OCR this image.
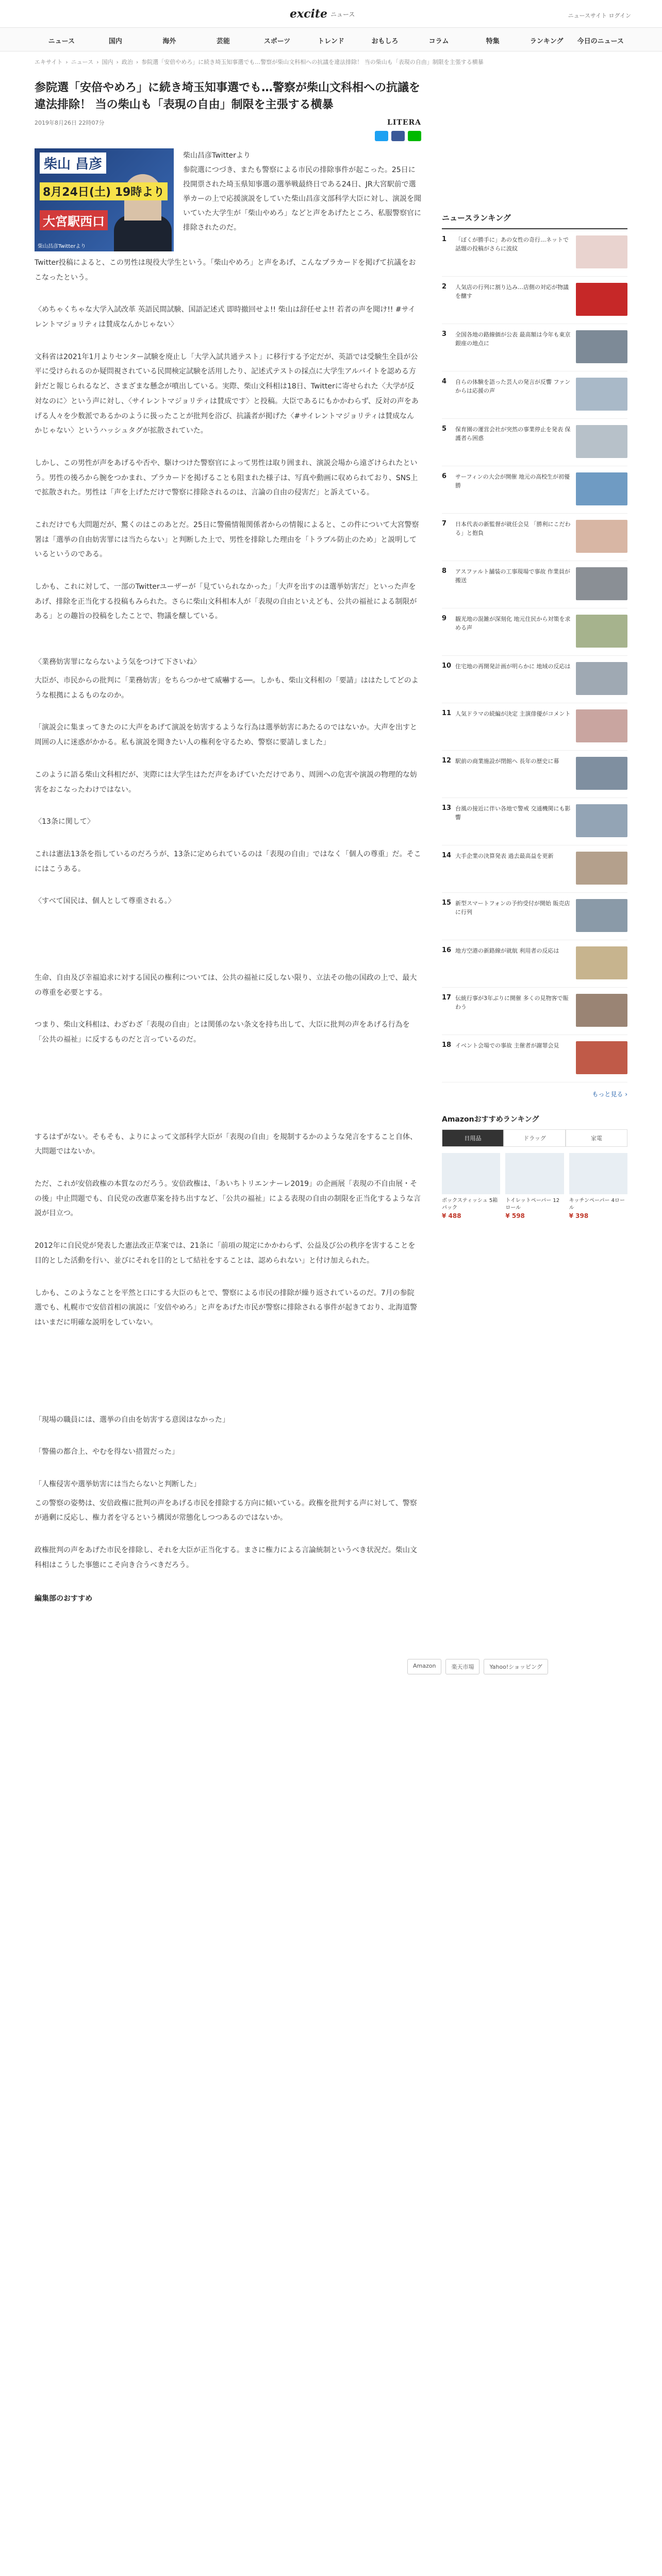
excite ニュース	ニュースサイト ログイン
ニュース	国内	海外	芸能	スポーツ	トレンド	おもしろ	コラム	特集	ランキング	今日のニュース
エキサイト › ニュース › 国内 › 政治 › 参院選「安倍やめろ」に続き埼玉知事選でも…警察が柴山文科相への抗議を違法排除！ 当の柴山も「表現の自由」制限を主張する横暴
参院選「安倍やめろ」に続き埼玉知事選でも…警察が柴山文科相への抗議を違法排除！ 当の柴山も「表現の自由」制限を主張する横暴
2019年8月26日 22時07分	LITERA
柴山 昌彦
8月24日(土) 19時より
大宮駅西口
柴山昌彦Twitterより
柴山昌彦Twitterより
参院選につづき、またも警察による市民の排除事件が起こった。25日に投開票された埼玉県知事選の選挙戦最終日である24日、JR大宮駅前で選挙カーの上で応援演説をしていた柴山昌彦文部科学大臣に対し、演説を聞いていた大学生が「柴山やめろ」などと声をあげたところ、私服警察官に排除されたのだ。

Twitter投稿によると、この男性は現役大学生という。「柴山やめろ」と声をあげ、こんなプラカードを掲げて抗議をおこなったという。

〈めちゃくちゃな大学入試改革 英語民間試験、国語記述式 即時撤回せよ!! 柴山は辞任せよ!! 若者の声を聞け!! #サイレントマジョリティは賛成なんかじゃない〉

文科省は2021年1月よりセンター試験を廃止し「大学入試共通テスト」に移行する予定だが、英語では受験生全員が公平に受けられるのか疑問視されている民間検定試験を活用したり、記述式テストの採点に大学生アルバイトを認める方針だと報じられるなど、さまざまな懸念が噴出している。実際、柴山文科相は18日、Twitterに寄せられた〈大学が反対なのに〉という声に対し、〈サイレントマジョリティは賛成です〉と投稿。大臣であるにもかかわらず、反対の声をあげる人々を少数派であるかのように扱ったことが批判を浴び、抗議者が掲げた〈#サイレントマジョリティは賛成なんかじゃない〉というハッシュタグが拡散されていた。

しかし、この男性が声をあげるや否や、駆けつけた警察官によって男性は取り囲まれ、演説会場から遠ざけられたという。男性の後ろから腕をつかまれ、プラカードを掲げることも阻まれた様子は、写真や動画に収められており、SNS上で拡散された。男性は「声を上げただけで警察に排除されるのは、言論の自由の侵害だ」と訴えている。

これだけでも大問題だが、驚くのはこのあとだ。25日に警備情報関係者からの情報によると、この件について大宮警察署は「選挙の自由妨害罪には当たらない」と判断した上で、男性を排除した理由を「トラブル防止のため」と説明しているというのである。

しかも、これに対して、一部のTwitterユーザーが「見ていられなかった」「大声を出すのは選挙妨害だ」といった声をあげ、排除を正当化する投稿もみられた。さらに柴山文科相本人が「表現の自由といえども、公共の福祉による制限がある」との趣旨の投稿をしたことで、物議を醸している。

〈業務妨害罪にならないよう気をつけて下さいね〉

大臣が、市民からの批判に「業務妨害」をちらつかせて威嚇する──。しかも、柴山文科相の「要請」ははたしてどのような根拠によるものなのか。

「演説会に集まってきたのに大声をあげて演説を妨害するような行為は選挙妨害にあたるのではないか。大声を出すと周囲の人に迷惑がかかる。私も演説を聞きたい人の権利を守るため、警察に要請しました」

このように語る柴山文科相だが、実際には大学生はただ声をあげていただけであり、周囲への危害や演説の物理的な妨害をおこなったわけではない。

〈13条に関して〉

これは憲法13条を指しているのだろうが、13条に定められているのは「表現の自由」ではなく「個人の尊重」だ。そこにはこうある。

〈すべて国民は、個人として尊重される。〉

生命、自由及び幸福追求に対する国民の権利については、公共の福祉に反しない限り、立法その他の国政の上で、最大の尊重を必要とする。

つまり、柴山文科相は、わざわざ「表現の自由」とは関係のない条文を持ち出して、大臣に批判の声をあげる行為を「公共の福祉」に反するものだと言っているのだ。

するはずがない。そもそも、よりによって文部科学大臣が「表現の自由」を規制するかのような発言をすること自体、大問題ではないか。

ただ、これが安倍政権の本質なのだろう。安倍政権は、「あいちトリエンナーレ2019」の企画展「表現の不自由展・その後」中止問題でも、自民党の改憲草案を持ち出すなど、「公共の福祉」による表現の自由の制限を正当化するような言説が目立つ。

2012年に自民党が発表した憲法改正草案では、21条に「前項の規定にかかわらず、公益及び公の秩序を害することを目的とした活動を行い、並びにそれを目的として結社をすることは、認められない」と付け加えられた。

しかも、このようなことを平然と口にする大臣のもとで、警察による市民の排除が繰り返されているのだ。7月の参院選でも、札幌市で安倍首相の演説に「安倍やめろ」と声をあげた市民が警察に排除される事件が起きており、北海道警はいまだに明確な説明をしていない。

「現場の職員には、選挙の自由を妨害する意図はなかった」

「警備の都合上、やむを得ない措置だった」

「人権侵害や選挙妨害には当たらないと判断した」

この警察の姿勢は、安倍政権に批判の声をあげる市民を排除する方向に傾いている。政権を批判する声に対して、警察が過剰に反応し、権力者を守るという構図が常態化しつつあるのではないか。

政権批判の声をあげた市民を排除し、それを大臣が正当化する。まさに権力による言論統制というべき状況だ。柴山文科相はこうした事態にこそ向き合うべきだろう。

編集部のおすすめ
ニュースランキング
1	「ぼくが勝手に」あの女性の奇行…ネットで話題の投稿がさらに波紋
2	人気店の行列に割り込み…店側の対応が物議を醸す
3	全国各地の路線価が公表 最高額は今年も東京銀座の地点に
4	自らの体験を語った芸人の発言が反響 ファンからは応援の声
5	保育園の運営会社が突然の事業停止を発表 保護者ら困惑
6	サーフィンの大会が開催 地元の高校生が初優勝
7	日本代表の新監督が就任会見 「勝利にこだわる」と抱負
8	アスファルト舗装の工事現場で事故 作業員が搬送
9	観光地の混雑が深刻化 地元住民から対策を求める声
10 住宅地の再開発計画が明らかに 地域の反応は
11 人気ドラマの続編が決定 主演俳優がコメント
12 駅前の商業施設が閉館へ 長年の歴史に幕
13 台風の接近に伴い各地で警戒 交通機関にも影響
14 大手企業の決算発表 過去最高益を更新
15 新型スマートフォンの予約受付が開始 販売店に行列
16 地方空港の新路線が就航 利用者の反応は
17 伝統行事が3年ぶりに開催 多くの見物客で賑わう
18 イベント会場での事故 主催者が謝罪会見
もっと見る ›
Amazonおすすめランキング
日用品	ドラッグ	家電
ボックスティッシュ 5箱パック
¥ 488
トイレットペーパー 12ロール
¥ 598
キッチンペーパー 4ロール
¥ 398
Amazon	楽天市場	Yahoo!ショッピング
